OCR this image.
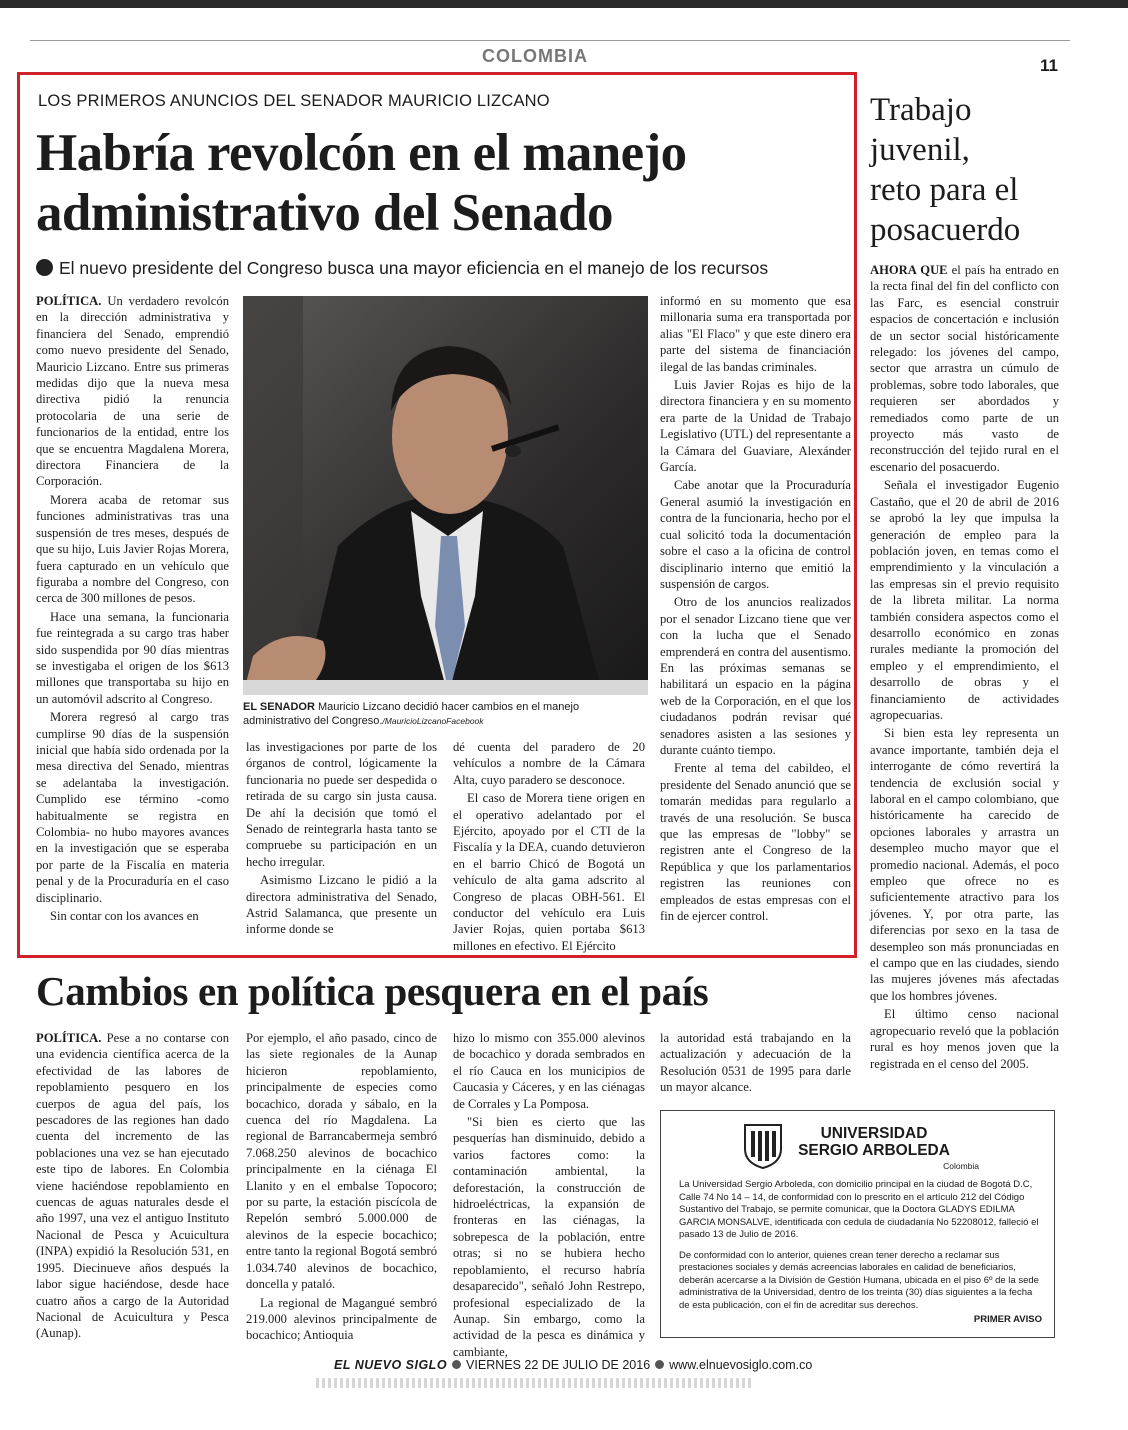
COLOMBIA	11
LOS PRIMEROS ANUNCIOS DEL SENADOR MAURICIO LIZCANO
Habría revolcón en el manejo
administrativo del Senado
El nuevo presidente del Congreso busca una mayor eficiencia en el manejo de los recursos

POLÍTICA. Un verdadero revolcón en la dirección administrativa y financiera del Senado, emprendió como nuevo presidente del Senado, Mauricio Lizcano. Entre sus primeras medidas dijo que la nueva mesa directiva pidió la renuncia protocolaria de una serie de funcionarios de la entidad, entre los que se encuentra Magdalena Morera, directora Financiera de la Corporación.

Morera acaba de retomar sus funciones administrativas tras una suspensión de tres meses, después de que su hijo, Luis Javier Rojas Morera, fuera capturado en un vehículo que figuraba a nombre del Congreso, con cerca de 300 millones de pesos.

Hace una semana, la funcionaria fue reintegrada a su cargo tras haber sido suspendida por 90 días mientras se investigaba el origen de los $613 millones que transportaba su hijo en un automóvil adscrito al Congreso.

Morera regresó al cargo tras cumplirse 90 días de la suspensión inicial que había sido ordenada por la mesa directiva del Senado, mientras se adelantaba la investigación. Cumplido ese término -como habitualmente se registra en Colombia- no hubo mayores avances en la investigación que se esperaba por parte de la Fiscalía en materia penal y de la Procuraduría en el caso disciplinario.

Sin contar con los avances en

EL SENADOR Mauricio Lizcano decidió hacer cambios en el manejo administrativo del Congreso./MauricioLizcanoFacebook

las investigaciones por parte de los órganos de control, lógicamente la funcionaria no puede ser despedida o retirada de su cargo sin justa causa. De ahí la decisión que tomó el Senado de reintegrarla hasta tanto se compruebe su participación en un hecho irregular.

Asimismo Lizcano le pidió a la directora administrativa del Senado, Astrid Salamanca, que presente un informe donde se

dé cuenta del paradero de 20 vehículos a nombre de la Cámara Alta, cuyo paradero se desconoce.

El caso de Morera tiene origen en el operativo adelantado por el Ejército, apoyado por el CTI de la Fiscalía y la DEA, cuando detuvieron en el barrio Chicó de Bogotá un vehículo de alta gama adscrito al Congreso de placas OBH-561. El conductor del vehículo era Luis Javier Rojas, quien portaba $613 millones en efectivo. El Ejército

informó en su momento que esa millonaria suma era transportada por alias "El Flaco" y que este dinero era parte del sistema de financiación ilegal de las bandas criminales.

Luis Javier Rojas es hijo de la directora financiera y en su momento era parte de la Unidad de Trabajo Legislativo (UTL) del representante a la Cámara del Guaviare, Alexánder García.

Cabe anotar que la Procuraduría General asumió la investigación en contra de la funcionaria, hecho por el cual solicitó toda la documentación sobre el caso a la oficina de control disciplinario interno que emitió la suspensión de cargos.

Otro de los anuncios realizados por el senador Lizcano tiene que ver con la lucha que el Senado emprenderá en contra del ausentismo. En las próximas semanas se habilitará un espacio en la página web de la Corporación, en el que los ciudadanos podrán revisar qué senadores asisten a las sesiones y durante cuánto tiempo.

Frente al tema del cabildeo, el presidente del Senado anunció que se tomarán medidas para regularlo a través de una resolución. Se busca que las empresas de "lobby" se registren ante el Congreso de la República y que los parlamentarios registren las reuniones con empleados de estas empresas con el fin de ejercer control.

Trabajo
juvenil,
reto para el
posacuerdo

AHORA QUE el país ha entrado en la recta final del fin del conflicto con las Farc, es esencial construir espacios de concertación e inclusión de un sector social históricamente relegado: los jóvenes del campo, sector que arrastra un cúmulo de problemas, sobre todo laborales, que requieren ser abordados y remediados como parte de un proyecto más vasto de reconstrucción del tejido rural en el escenario del posacuerdo.

Señala el investigador Eugenio Castaño, que el 20 de abril de 2016 se aprobó la ley que impulsa la generación de empleo para la población joven, en temas como el emprendimiento y la vinculación a las empresas sin el previo requisito de la libreta militar. La norma también considera aspectos como el desarrollo económico en zonas rurales mediante la promoción del empleo y el emprendimiento, el desarrollo de obras y el financiamiento de actividades agropecuarias.

Si bien esta ley representa un avance importante, también deja el interrogante de cómo revertirá la tendencia de exclusión social y laboral en el campo colombiano, que históricamente ha carecido de opciones laborales y arrastra un desempleo mucho mayor que el promedio nacional. Además, el poco empleo que ofrece no es suficientemente atractivo para los jóvenes. Y, por otra parte, las diferencias por sexo en la tasa de desempleo son más pronunciadas en el campo que en las ciudades, siendo las mujeres jóvenes más afectadas que los hombres jóvenes.

El último censo nacional agropecuario reveló que la población rural es hoy menos joven que la registrada en el censo del 2005.

Cambios en política pesquera en el país

POLÍTICA. Pese a no contarse con una evidencia científica acerca de la efectividad de las labores de repoblamiento pesquero en los cuerpos de agua del país, los pescadores de las regiones han dado cuenta del incremento de las poblaciones una vez se han ejecutado este tipo de labores. En Colombia viene haciéndose repoblamiento en cuencas de aguas naturales desde el año 1997, una vez el antiguo Instituto Nacional de Pesca y Acuicultura (INPA) expidió la Resolución 531, en 1995. Diecinueve años después la labor sigue haciéndose, desde hace cuatro años a cargo de la Autoridad Nacional de Acuicultura y Pesca (Aunap).

Por ejemplo, el año pasado, cinco de las siete regionales de la Aunap hicieron repoblamiento, principalmente de especies como bocachico, dorada y sábalo, en la cuenca del río Magdalena. La regional de Barrancabermeja sembró 7.068.250 alevinos de bocachico principalmente en la ciénaga El Llanito y en el embalse Topocoro; por su parte, la estación piscícola de Repelón sembró 5.000.000 de alevinos de la especie bocachico; entre tanto la regional Bogotá sembró 1.034.740 alevinos de bocachico, doncella y pataló.

La regional de Magangué sembró 219.000 alevinos principalmente de bocachico; Antioquia

hizo lo mismo con 355.000 alevinos de bocachico y dorada sembrados en el río Cauca en los municipios de Caucasia y Cáceres, y en las ciénagas de Corrales y La Pomposa.

"Si bien es cierto que las pesquerías han disminuido, debido a varios factores como: la contaminación ambiental, la deforestación, la construcción de hidroeléctricas, la expansión de fronteras en las ciénagas, la sobrepesca de la población, entre otras; si no se hubiera hecho repoblamiento, el recurso habría desaparecido", señaló John Restrepo, profesional especializado de la Aunap. Sin embargo, como la actividad de la pesca es dinámica y cambiante,

la autoridad está trabajando en la actualización y adecuación de la Resolución 0531 de 1995 para darle un mayor alcance.

UNIVERSIDAD
SERGIO ARBOLEDA
Colombia

La Universidad Sergio Arboleda, con domicilio principal en la ciudad de Bogotá D.C, Calle 74 No 14 – 14, de conformidad con lo prescrito en el artículo 212 del Código Sustantivo del Trabajo, se permite comunicar, que la Doctora GLADYS EDILMA GARCIA MONSALVE, identificada con cedula de ciudadanía No 52208012, falleció el pasado 13 de Julio de 2016.

De conformidad con lo anterior, quienes crean tener derecho a reclamar sus prestaciones sociales y demás acreencias laborales en calidad de beneficiarios, deberán acercarse a la División de Gestión Humana, ubicada en el piso 6º de la sede administrativa de la Universidad, dentro de los treinta (30) días siguientes a la fecha de esta publicación, con el fin de acreditar sus derechos.

PRIMER AVISO
EL NUEVO SIGLO VIERNES 22 DE JULIO DE 2016 www.elnuevosiglo.com.co
